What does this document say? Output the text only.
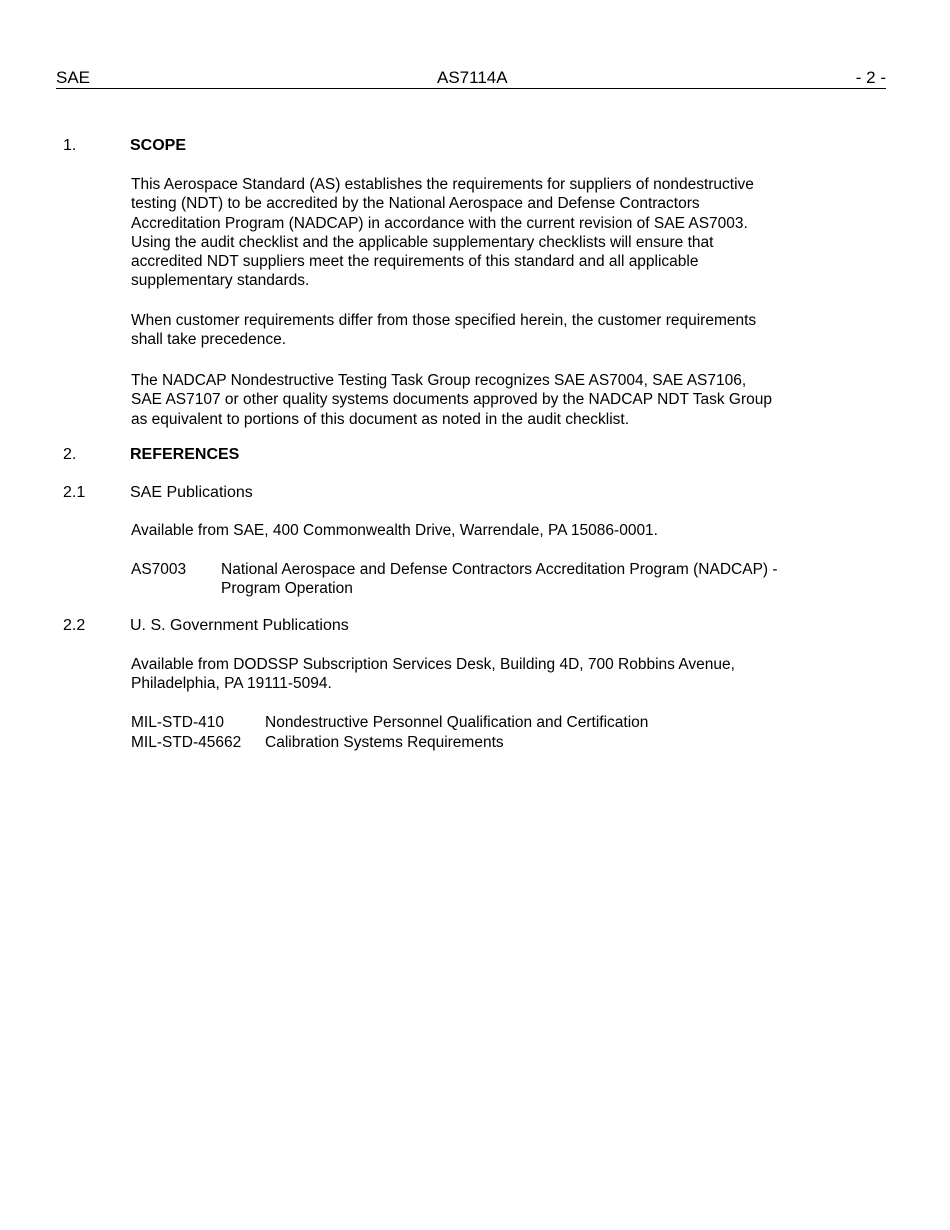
SAE	AS7114A	- 2 -
1.	SCOPE
This Aerospace Standard (AS) establishes the requirements for suppliers of nondestructive
testing (NDT) to be accredited by the National Aerospace and Defense Contractors
Accreditation Program (NADCAP) in accordance with the current revision of SAE AS7003.
Using the audit checklist and the applicable supplementary checklists will ensure that
accredited NDT suppliers meet the requirements of this standard and all applicable
supplementary standards.
When customer requirements differ from those specified herein, the customer requirements
shall take precedence.
The NADCAP Nondestructive Testing Task Group recognizes SAE AS7004, SAE AS7106,
SAE AS7107 or other quality systems documents approved by the NADCAP NDT Task Group
as equivalent to portions of this document as noted in the audit checklist.
2.	REFERENCES
2.1	SAE Publications
Available from SAE, 400 Commonwealth Drive, Warrendale, PA 15086-0001.
AS7003 National Aerospace and Defense Contractors Accreditation Program (NADCAP) -
Program Operation
2.2	U. S. Government Publications
Available from DODSSP Subscription Services Desk, Building 4D, 700 Robbins Avenue,
Philadelphia, PA 19111-5094.
MIL-STD-410	Nondestructive Personnel Qualification and Certification
MIL-STD-45662 Calibration Systems Requirements
